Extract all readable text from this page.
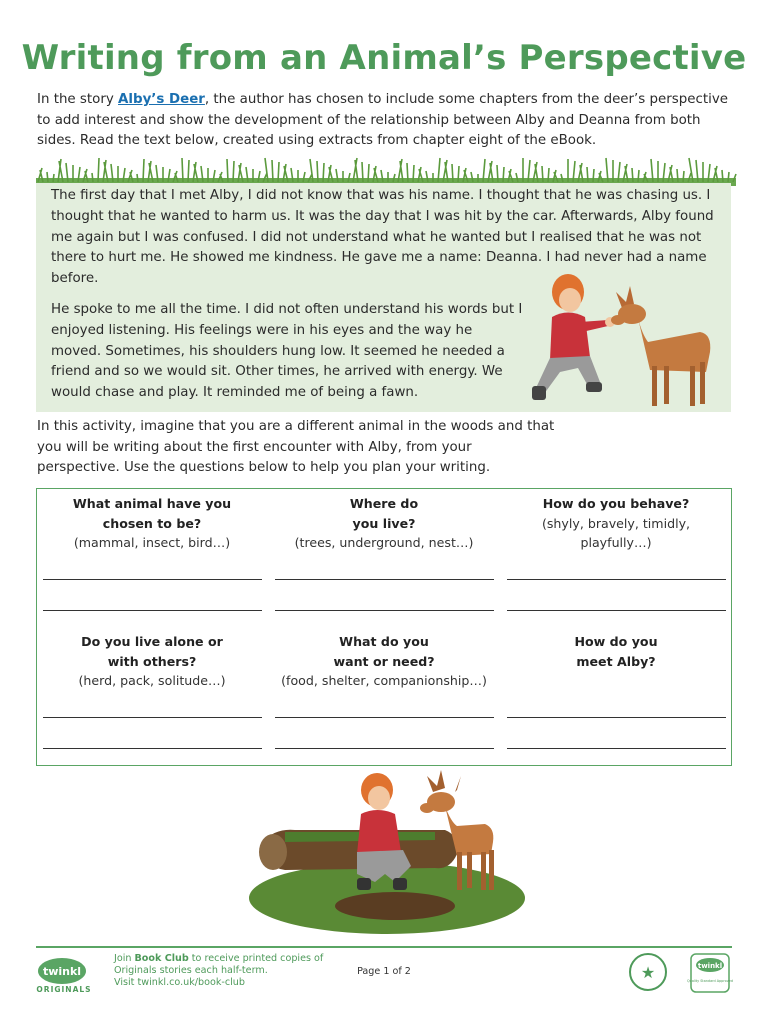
Writing from an Animal’s Perspective

In the story Alby’s Deer, the author has chosen to include some chapters from the deer’s perspective to add interest and show the development of the relationship between Alby and Deanna from both sides. Read the text below, created using extracts from chapter eight of the eBook.

The first day that I met Alby, I did not know that was his name. I thought that he was chasing us. I thought that he wanted to harm us. It was the day that I was hit by the car. Afterwards, Alby found me again but I was confused. I did not understand what he wanted but I realised that he was not there to hurt me. He showed me kindness. He gave me a name: Deanna. I had never had a name before.

He spoke to me all the time. I did not often understand his words but I enjoyed listening. His feelings were in his eyes and the way he moved. Sometimes, his shoulders hung low. It seemed he needed a friend and so we would sit. Other times, he arrived with energy. We would chase and play. It reminded me of being a fawn.

In this activity, imagine that you are a different animal in the woods and that you will be writing about the first encounter with Alby, from your perspective. Use the questions below to help you plan your writing.

What animal have you
chosen to be?
(mammal, insect, bird…)
Where do
you live?
(trees, underground, nest…)
How do you behave?
(shyly, bravely, timidly, playfully…)
Do you live alone or
with others?
(herd, pack, solitude…)
What do you
want or need?
(food, shelter, companionship…)
How do you
meet Alby?
twinkl
ORIGINALS
Join Book Club to receive printed copies of Originals stories each half-term.
Visit twinkl.co.uk/book-club
Page 1 of 2	★	twinkl
Quality Standard Approved
